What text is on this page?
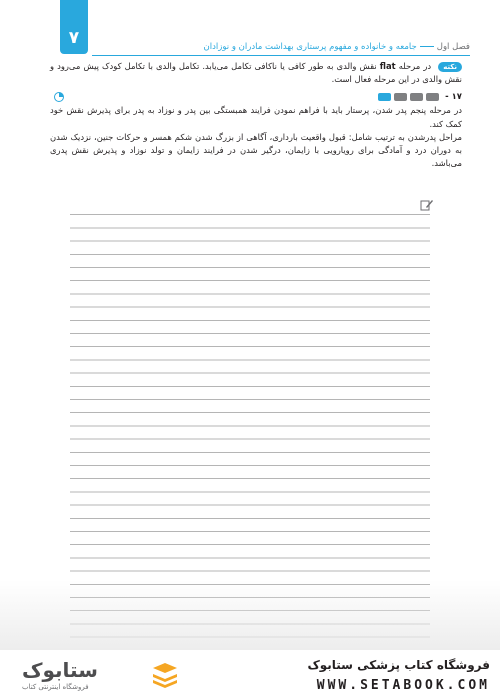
۷	فصل اولجامعه و خانواده و مفهوم پرستاری بهداشت مادران و نوزادان

نکته در مرحله flat نقش والدی به طور کافی یا ناکافی تکامل می‌یابد. تکامل والدی با تکامل کودک پیش می‌رود و نقش والدی در این مرحله فعال است.

۱۷ -

در مرحله پنجم پدر شدن، پرستار باید با فراهم نمودن فرایند همبستگی بین پدر و نوزاد به پدر برای پذیرش نقش خود کمک کند.

مراحل پدرشدن به ترتیب شامل: قبول واقعیت بارداری، آگاهی از بزرگ شدن شکم همسر و حرکات جنین، نزدیک شدن به دوران درد و آمادگی برای رویارویی با زایمان، درگیر شدن در فرایند زایمان و تولد نوزاد و پذیرش نقش پدری می‌باشد.

ستابوک
فروشگاه اینترنتی کتاب
فروشگاه کتاب پزشکی ستابوک
WWW.SETABOOK.COM
